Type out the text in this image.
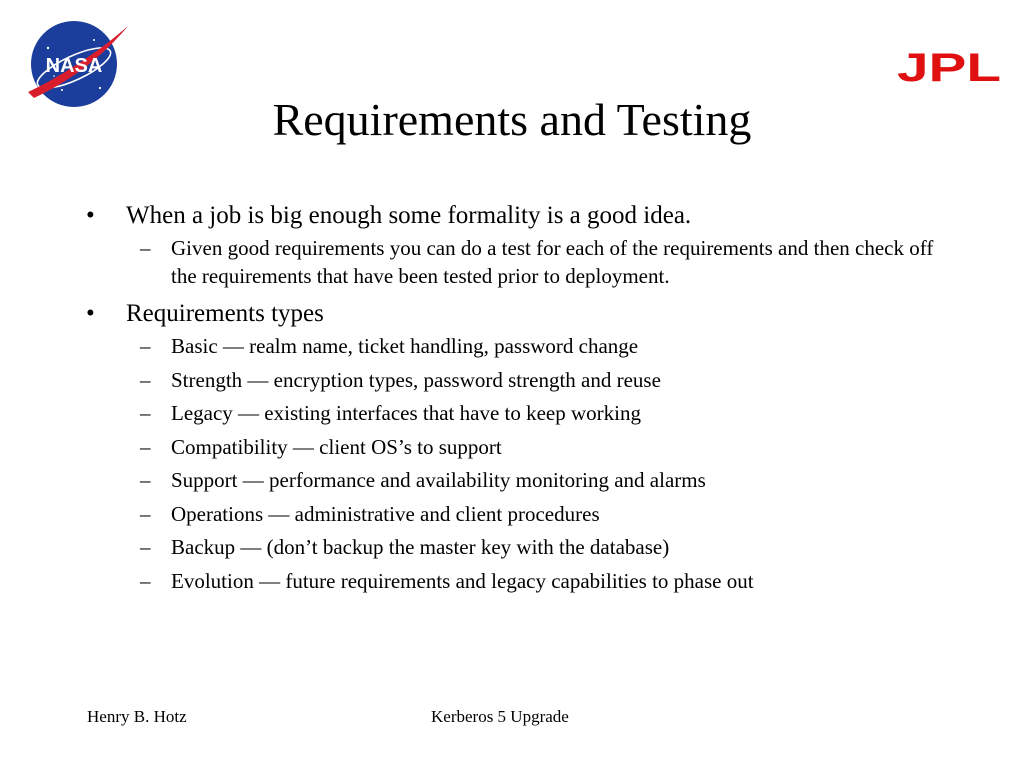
NASA	JPL
Requirements and Testing
•	When a job is big enough some formality is a good idea.
– Given good requirements you can do a test for each of the requirements and then check off the requirements that have been tested prior to deployment.
•	Requirements types
– Basic — realm name, ticket handling, password change
– Strength — encryption types, password strength and reuse
– Legacy — existing interfaces that have to keep working
– Compatibility — client OS’s to support
– Support — performance and availability monitoring and alarms
– Operations — administrative and client procedures
– Backup — (don’t backup the master key with the database)
– Evolution — future requirements and legacy capabilities to phase out
Henry B. Hotz	Kerberos 5 Upgrade
